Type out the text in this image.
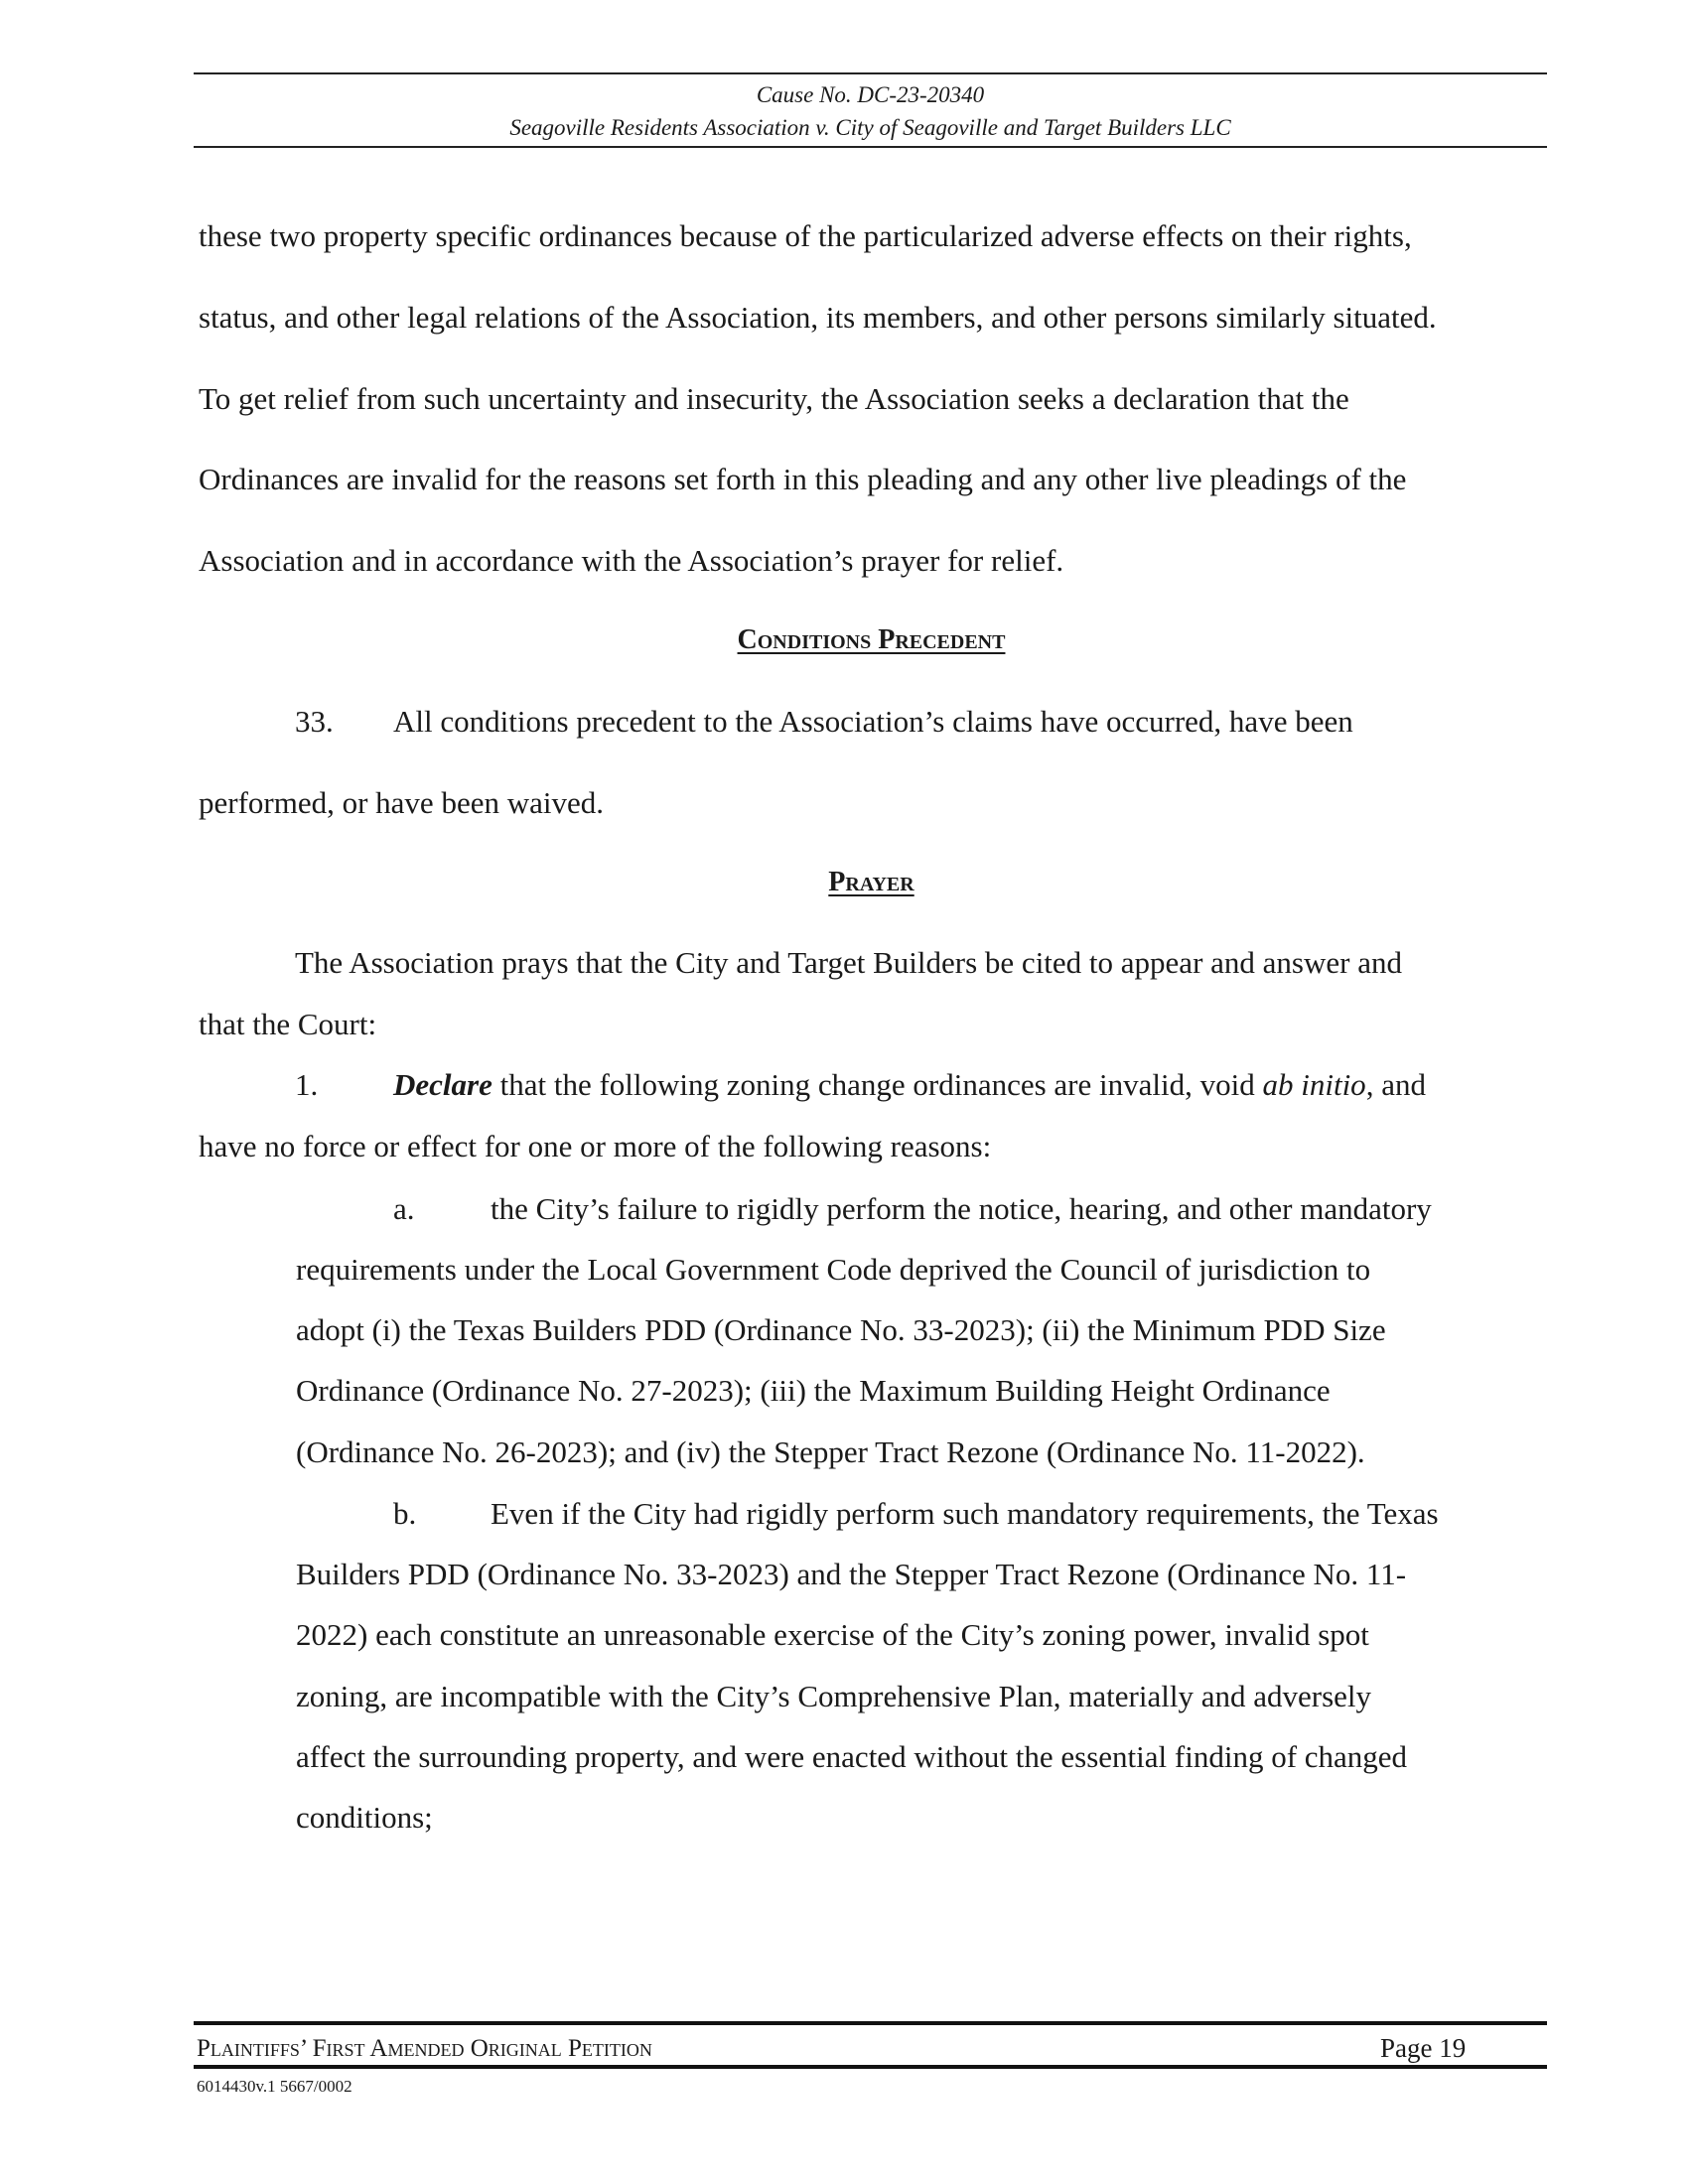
Cause No. DC-23-20340
Seagoville Residents Association v. City of Seagoville and Target Builders LLC
these two property specific ordinances because of the particularized adverse effects on their rights,
status, and other legal relations of the Association, its members, and other persons similarly situated.
To get relief from such uncertainty and insecurity, the Association seeks a declaration that the
Ordinances are invalid for the reasons set forth in this pleading and any other live pleadings of the
Association and in accordance with the Association’s prayer for relief.
Conditions Precedent
33. All conditions precedent to the Association’s claims have occurred, have been
performed, or have been waived.
Prayer
The Association prays that the City and Target Builders be cited to appear and answer and
that the Court:
1. Declare that the following zoning change ordinances are invalid, void ab initio, and
have no force or effect for one or more of the following reasons:
a. the City’s failure to rigidly perform the notice, hearing, and other mandatory
requirements under the Local Government Code deprived the Council of jurisdiction to
adopt (i) the Texas Builders PDD (Ordinance No. 33-2023); (ii) the Minimum PDD Size
Ordinance (Ordinance No. 27-2023); (iii) the Maximum Building Height Ordinance
(Ordinance No. 26-2023); and (iv) the Stepper Tract Rezone (Ordinance No. 11-2022).
b. Even if the City had rigidly perform such mandatory requirements, the Texas
Builders PDD (Ordinance No. 33-2023) and the Stepper Tract Rezone (Ordinance No. 11-
2022) each constitute an unreasonable exercise of the City’s zoning power, invalid spot
zoning, are incompatible with the City’s Comprehensive Plan, materially and adversely
affect the surrounding property, and were enacted without the essential finding of changed
conditions;
Plaintiffs’ First Amended Original Petition	Page 19
6014430v.1 5667/0002
